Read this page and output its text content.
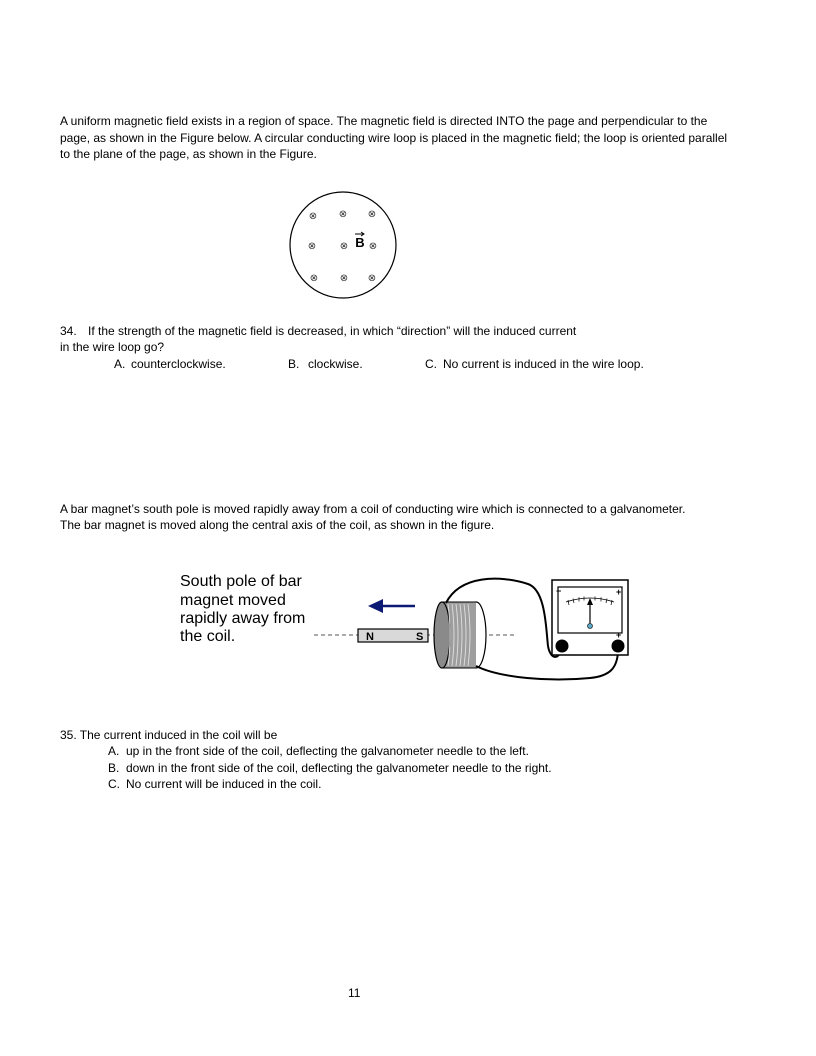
A uniform magnetic field exists in a region of space. The magnetic field is directed INTO the page and perpendicular to the page, as shown in the Figure below. A circular conducting wire loop is placed in the magnetic field; the loop is oriented parallel to the plane of the page, as shown in the Figure.

⊗ ⊗ ⊗
⊗ ⊗ ⊗
⊗ ⊗ ⊗
B
34. If the strength of the magnetic field is decreased, in which “direction” will the induced current
in the wire loop go?
A. counterclockwise.	B. clockwise.	C. No current is induced in the wire loop.
A bar magnet’s south pole is moved rapidly away from a coil of conducting wire which is connected to a galvanometer.
The bar magnet is moved along the central axis of the coil, as shown in the figure.
South pole of bar
magnet moved
rapidly away from
the coil.	N	S
−	+
+
35. The current induced in the coil will be
A. up in the front side of the coil, deflecting the galvanometer needle to the left.
B. down in the front side of the coil, deflecting the galvanometer needle to the right.
C. No current will be induced in the coil.
11
